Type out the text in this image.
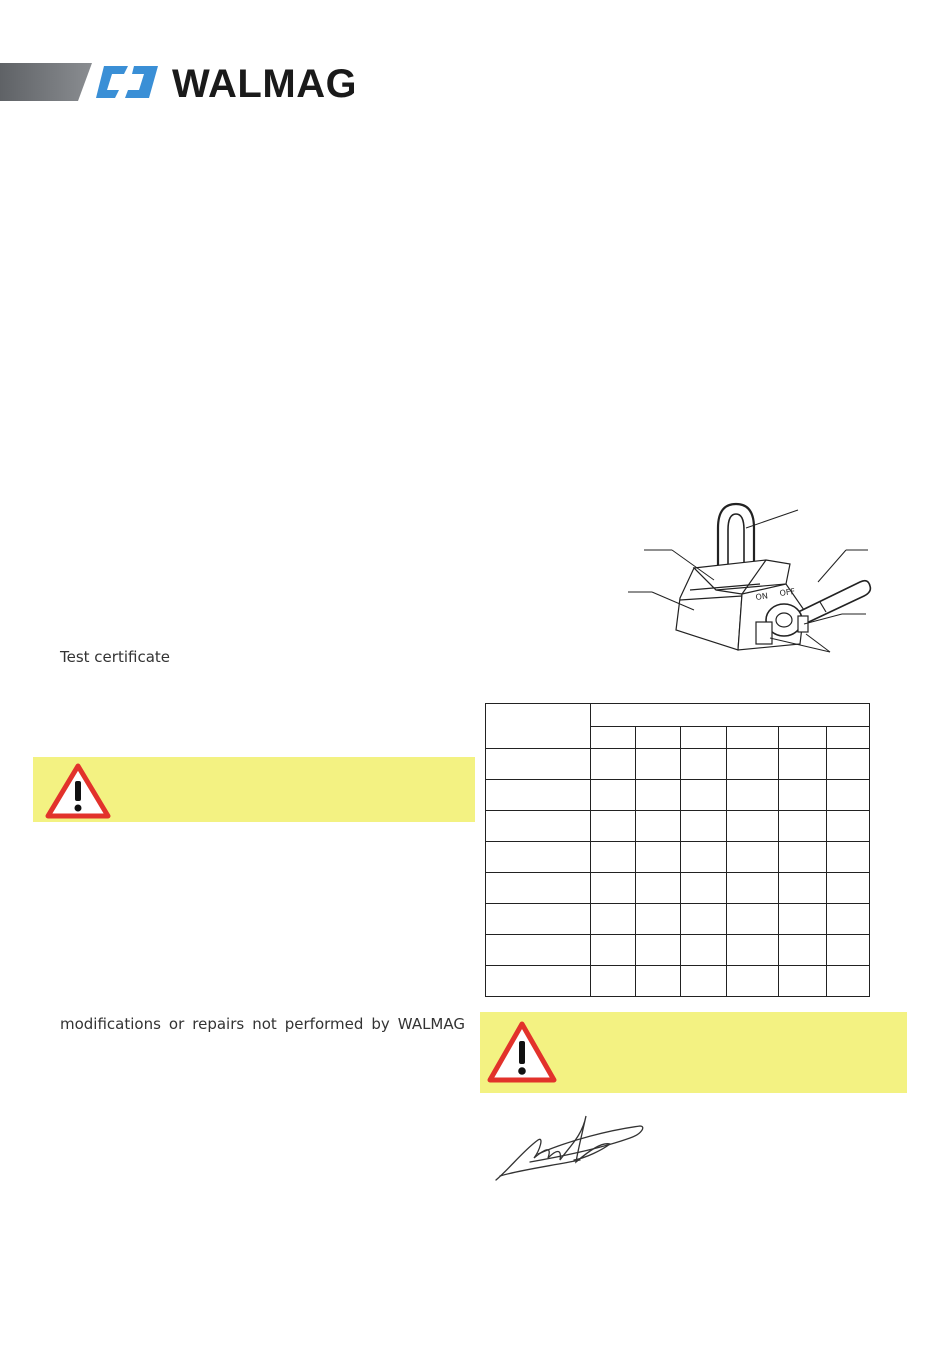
WALMAG
Test certificate
modifications or repairs not performed by WALMAG
ON OFF
